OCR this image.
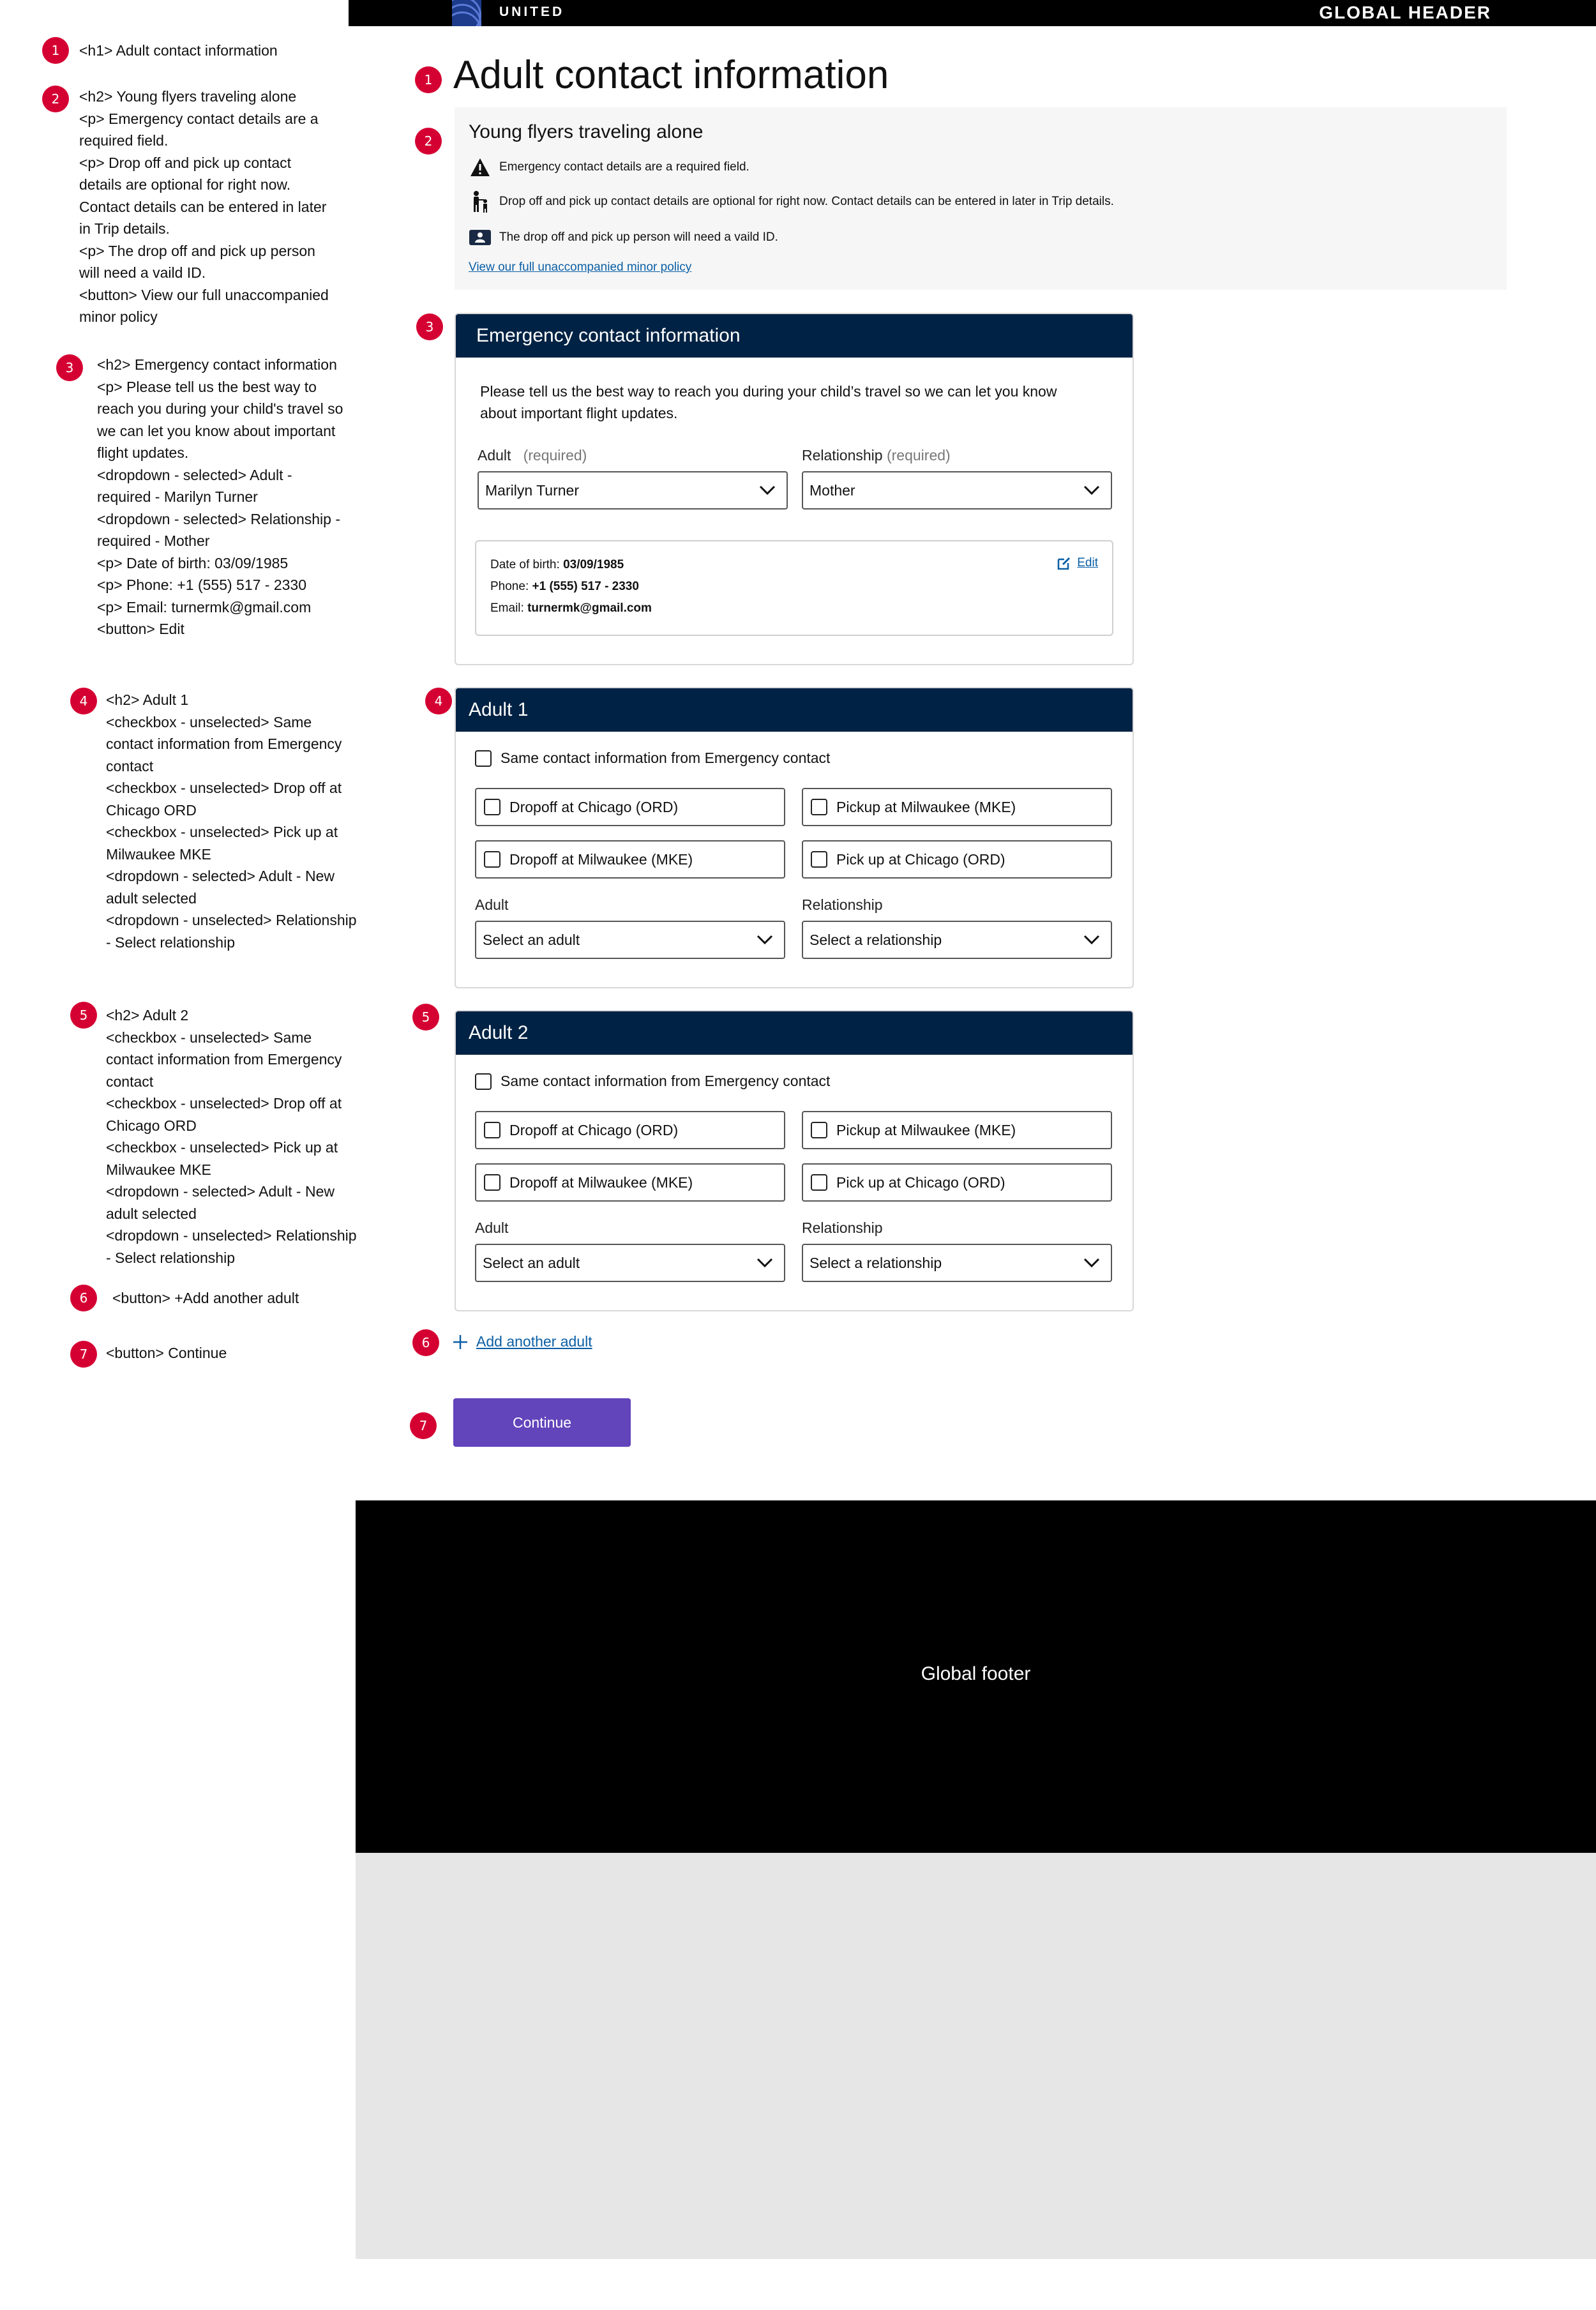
1	<h1> Adult contact information
2	<h2> Young flyers traveling alone
<p> Emergency contact details are a required field.
<p> Drop off and pick up contact details are optional for right now. Contact details can be entered in later in Trip details.
<p> The drop off and pick up person will need a vaild ID.
<button> View our full unaccompanied minor policy
3	<h2> Emergency contact information
<p> Please tell us the best way to reach you during your child's travel so we can let you know about important flight updates.
<dropdown - selected> Adult - required - Marilyn Turner
<dropdown - selected> Relationship - required - Mother
<p> Date of birth: 03/09/1985
<p> Phone: +1 (555) 517 - 2330
<p> Email: turnermk@gmail.com
<button> Edit
4	<h2> Adult 1
<checkbox - unselected> Same contact information from Emergency contact
<checkbox - unselected> Drop off at Chicago ORD
<checkbox - unselected> Pick up at Milwaukee MKE
<dropdown - selected> Adult - New adult selected
<dropdown - unselected> Relationship - Select relationship
5	<h2> Adult 2
<checkbox - unselected> Same contact information from Emergency contact
<checkbox - unselected> Drop off at Chicago ORD
<checkbox - unselected> Pick up at Milwaukee MKE
<dropdown - selected> Adult - New adult selected
<dropdown - unselected> Relationship - Select relationship
6	<button> +Add another adult
7	<button> Continue
UNITED	GLOBAL HEADER
1 Adult contact information
2	Young flyers traveling alone
Emergency contact details are a required field.
Drop off and pick up contact details are optional for right now. Contact details can be entered in later in Trip details.
The drop off and pick up person will need a vaild ID.
View our full unaccompanied minor policy
3	Emergency contact information
Please tell us the best way to reach you during your child’s travel so we can let you know
about important flight updates.
Adult (required)
Marilyn Turner
Relationship (required)
Mother
Date of birth: 03/09/1985
Phone: +1 (555) 517 - 2330
Email: turnermk@gmail.com
Edit
4	Adult 1
Same contact information from Emergency contact
Dropoff at Chicago (ORD)	Pickup at Milwaukee (MKE)
Dropoff at Milwaukee (MKE)	Pick up at Chicago (ORD)
Adult
Select an adult
Relationship
Select a relationship
5
Adult 2
Same contact information from Emergency contact
Dropoff at Chicago (ORD)	Pickup at Milwaukee (MKE)
Dropoff at Milwaukee (MKE)	Pick up at Chicago (ORD)
Adult
Select an adult
Relationship
Select a relationship
6	Add another adult
7	Continue
Global footer
